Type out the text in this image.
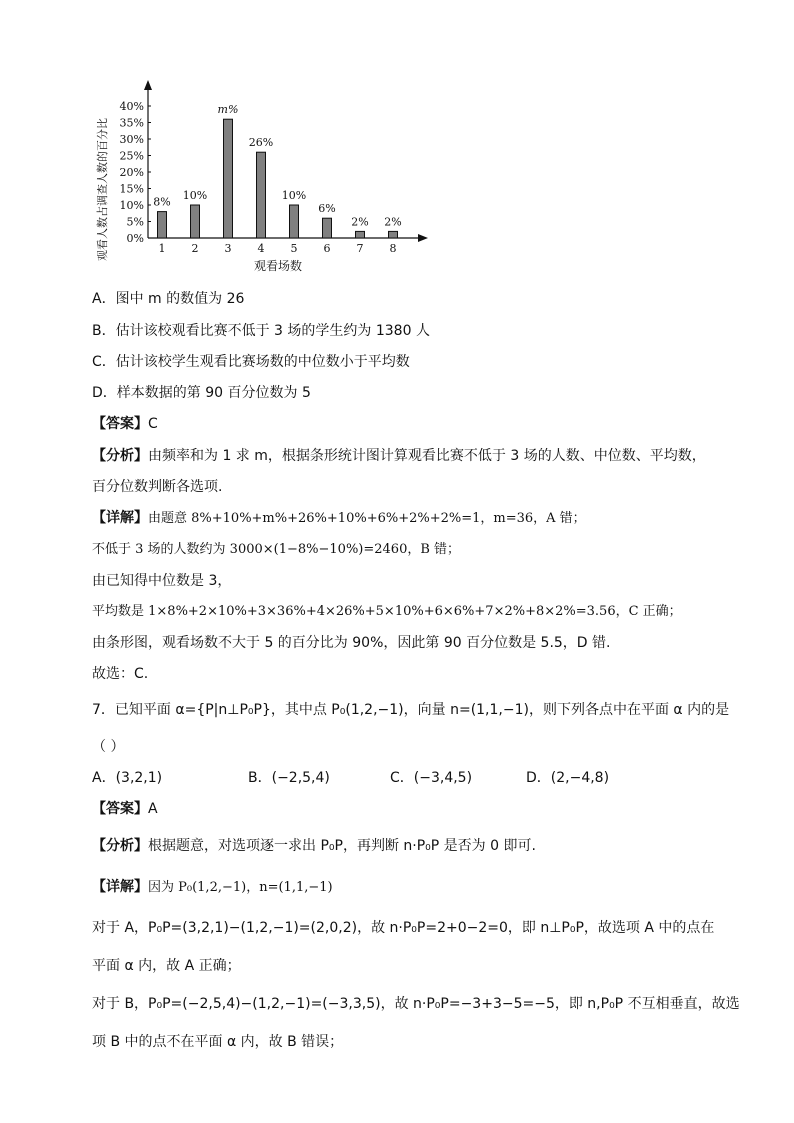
观看人数占调查人数的百分比
观看场数
0%
5%
10%
15%
20%
25%
30%
35%
40%
8%
1
10%
2
m%
3
26%
4
10%
5
6%
6
2%
7
2%
8
A．图中 m 的数值为 26
B．估计该校观看比赛不低于 3 场的学生约为 1380 人
C．估计该校学生观看比赛场数的中位数小于平均数
D．样本数据的第 90 百分位数为 5
【答案】C
【分析】由频率和为 1 求 m，根据条形统计图计算观看比赛不低于 3 场的人数、中位数、平均数，
百分位数判断各选项.
【详解】由题意 8%+10%+m%+26%+10%+6%+2%+2%=1，m=36，A 错；
不低于 3 场的人数约为 3000×(1−8%−10%)=2460，B 错；
由已知得中位数是 3，
平均数是 1×8%+2×10%+3×36%+4×26%+5×10%+6×6%+7×2%+8×2%=3.56，C 正确；
由条形图，观看场数不大于 5 的百分比为 90%，因此第 90 百分位数是 5.5，D 错.
故选：C.
7．已知平面 α={P|n⊥P₀P}，其中点 P₀(1,2,−1)，向量 n=(1,1,−1)，则下列各点中在平面 α 内的是
（ ）
A．(3,2,1)	B．(−2,5,4)	C．(−3,4,5)	D．(2,−4,8)
【答案】A
【分析】根据题意，对选项逐一求出 P₀P，再判断 n·P₀P 是否为 0 即可.
【详解】因为 P₀(1,2,−1)，n=(1,1,−1)
对于 A，P₀P=(3,2,1)−(1,2,−1)=(2,0,2)，故 n·P₀P=2+0−2=0，即 n⊥P₀P，故选项 A 中的点在
平面 α 内，故 A 正确；
对于 B，P₀P=(−2,5,4)−(1,2,−1)=(−3,3,5)，故 n·P₀P=−3+3−5=−5，即 n,P₀P 不互相垂直，故选
项 B 中的点不在平面 α 内，故 B 错误；
